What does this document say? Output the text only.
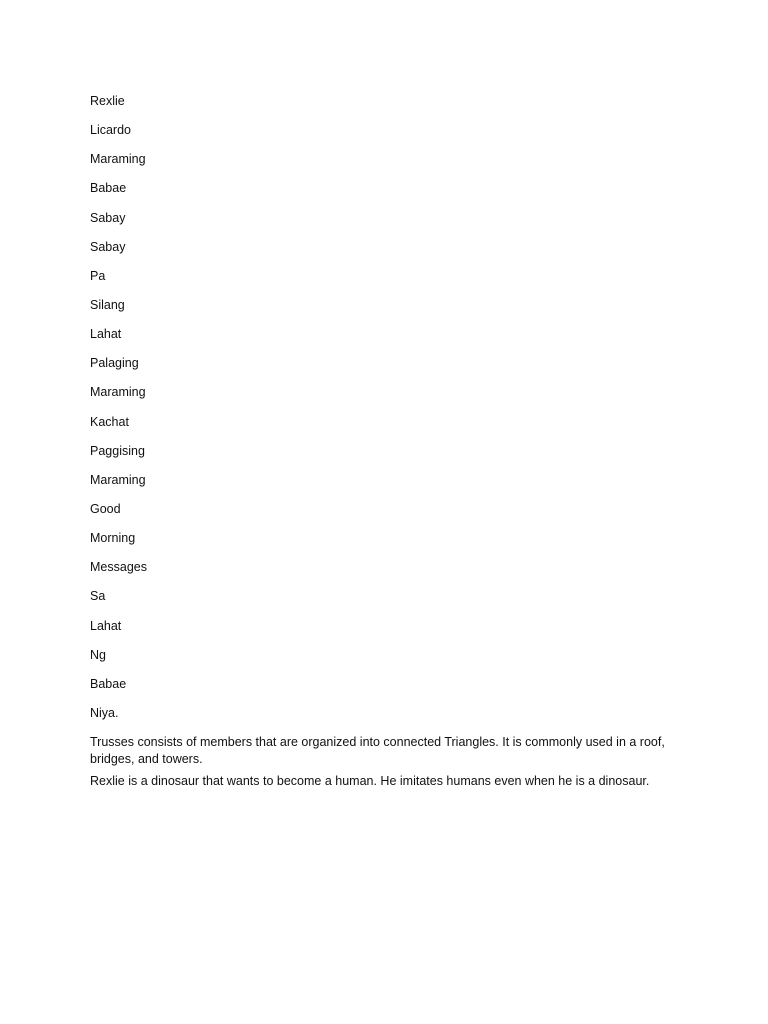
Rexlie
Licardo
Maraming
Babae
Sabay
Sabay
Pa
Silang
Lahat
Palaging
Maraming
Kachat
Paggising
Maraming
Good
Morning
Messages
Sa
Lahat
Ng
Babae
Niya.

Trusses consists of members that are organized into connected Triangles. It is commonly used in a roof, bridges, and towers.

Rexlie is a dinosaur that wants to become a human. He imitates humans even when he is a dinosaur.
